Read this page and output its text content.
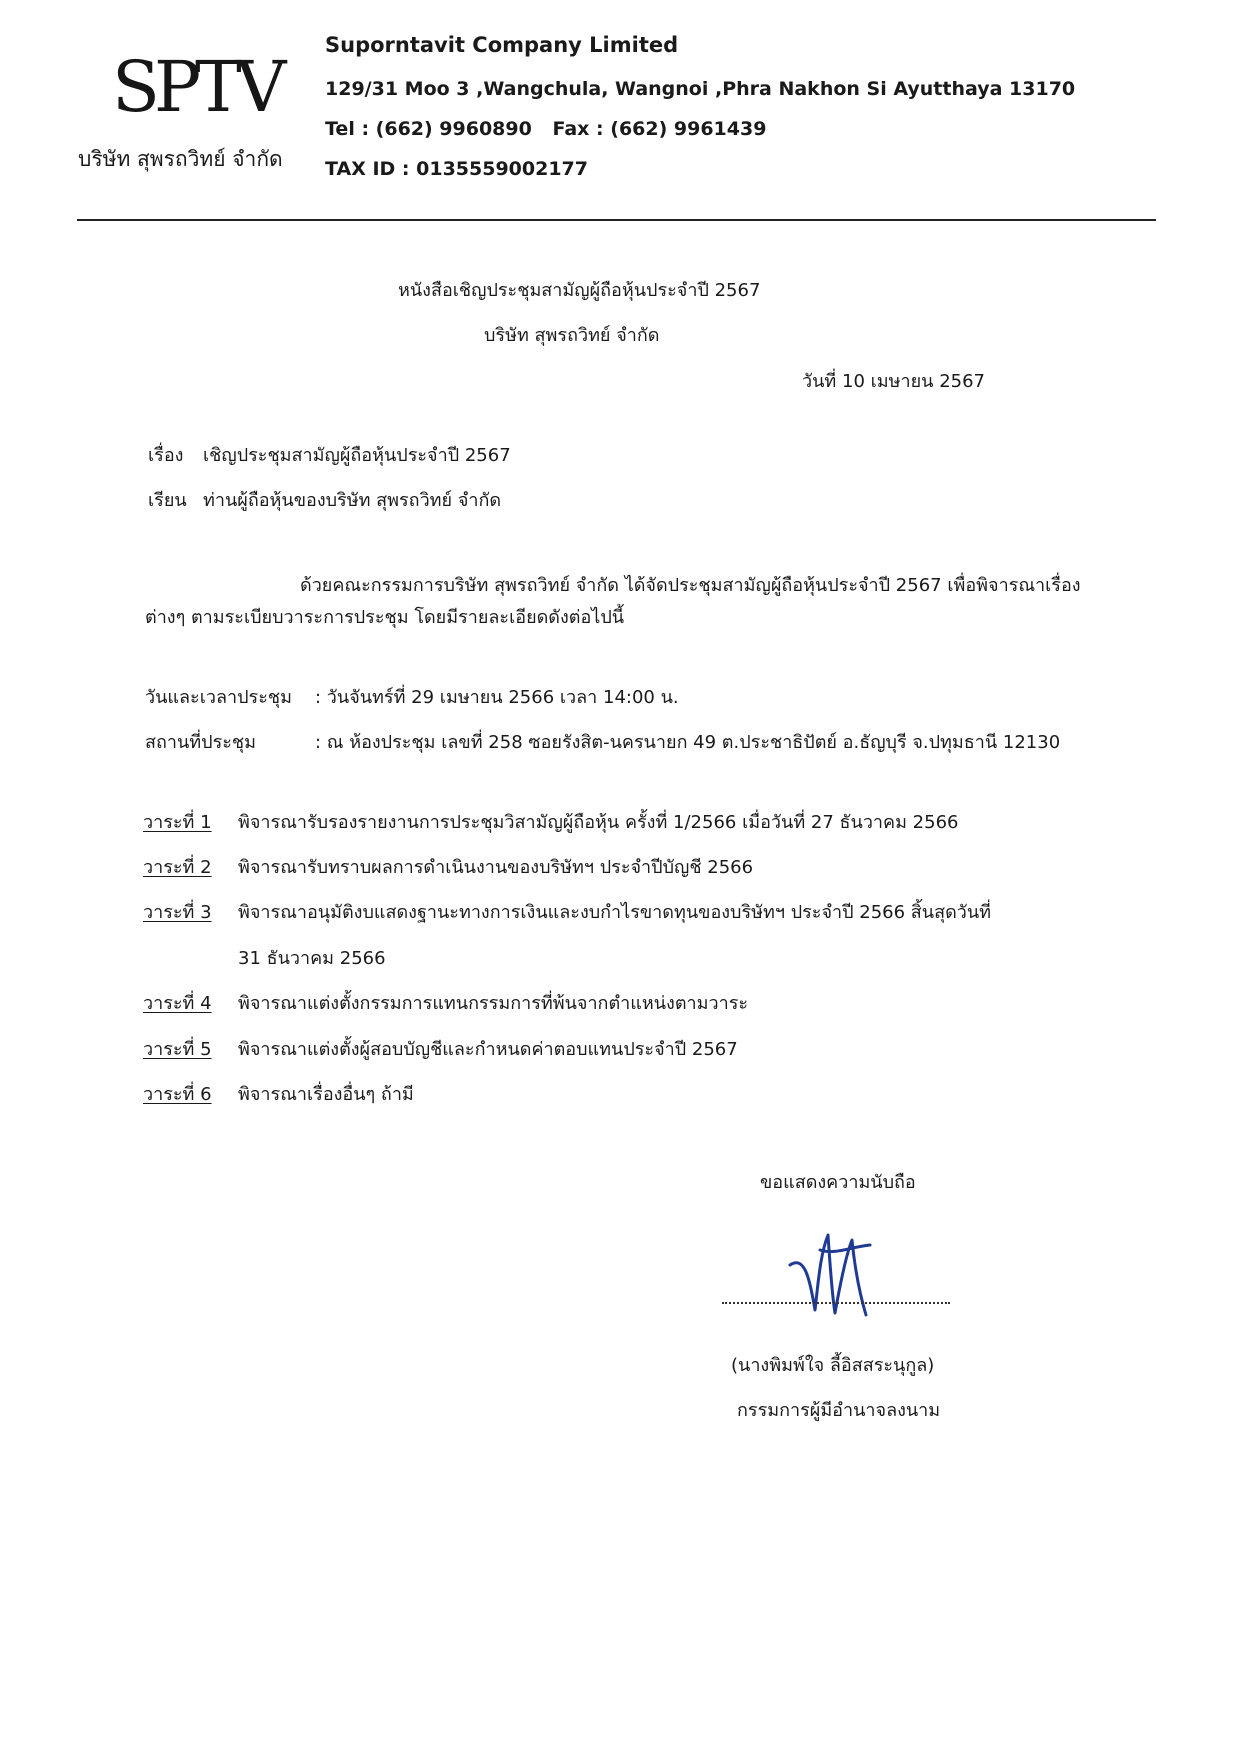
SPTV
บริษัท สุพรถวิทย์ จำกัด
Suporntavit Company Limited
129/31 Moo 3 ,Wangchula, Wangnoi ,Phra Nakhon Si Ayutthaya 13170
Tel : (662) 9960890 Fax : (662) 9961439
TAX ID : 0135559002177
หนังสือเชิญประชุมสามัญผู้ถือหุ้นประจำปี 2567
บริษัท สุพรถวิทย์ จำกัด
วันที่ 10 เมษายน 2567
เรื่อง เชิญประชุมสามัญผู้ถือหุ้นประจำปี 2567
เรียน ท่านผู้ถือหุ้นของบริษัท สุพรถวิทย์ จำกัด
ด้วยคณะกรรมการบริษัท สุพรถวิทย์ จำกัด ได้จัดประชุมสามัญผู้ถือหุ้นประจำปี 2567 เพื่อพิจารณาเรื่อง
ต่างๆ ตามระเบียบวาระการประชุม โดยมีรายละเอียดดังต่อไปนี้
วันและเวลาประชุม : วันจันทร์ที่ 29 เมษายน 2566 เวลา 14:00 น.
สถานที่ประชุม	: ณ ห้องประชุม เลขที่ 258 ซอยรังสิต-นครนายก 49 ต.ประชาธิปัตย์ อ.ธัญบุรี จ.ปทุมธานี 12130
วาระที่ 1 พิจารณารับรองรายงานการประชุมวิสามัญผู้ถือหุ้น ครั้งที่ 1/2566 เมื่อวันที่ 27 ธันวาคม 2566
วาระที่ 2 พิจารณารับทราบผลการดำเนินงานของบริษัทฯ ประจำปีบัญชี 2566
วาระที่ 3 พิจารณาอนุมัติงบแสดงฐานะทางการเงินและงบกำไรขาดทุนของบริษัทฯ ประจำปี 2566 สิ้นสุดวันที่
31 ธันวาคม 2566
วาระที่ 4 พิจารณาแต่งตั้งกรรมการแทนกรรมการที่พ้นจากตำแหน่งตามวาระ
วาระที่ 5 พิจารณาแต่งตั้งผู้สอบบัญชีและกำหนดค่าตอบแทนประจำปี 2567
วาระที่ 6 พิจารณาเรื่องอื่นๆ ถ้ามี
ขอแสดงความนับถือ
(นางพิมพ์ใจ ลี้อิสสระนุกูล)
กรรมการผู้มีอำนาจลงนาม
